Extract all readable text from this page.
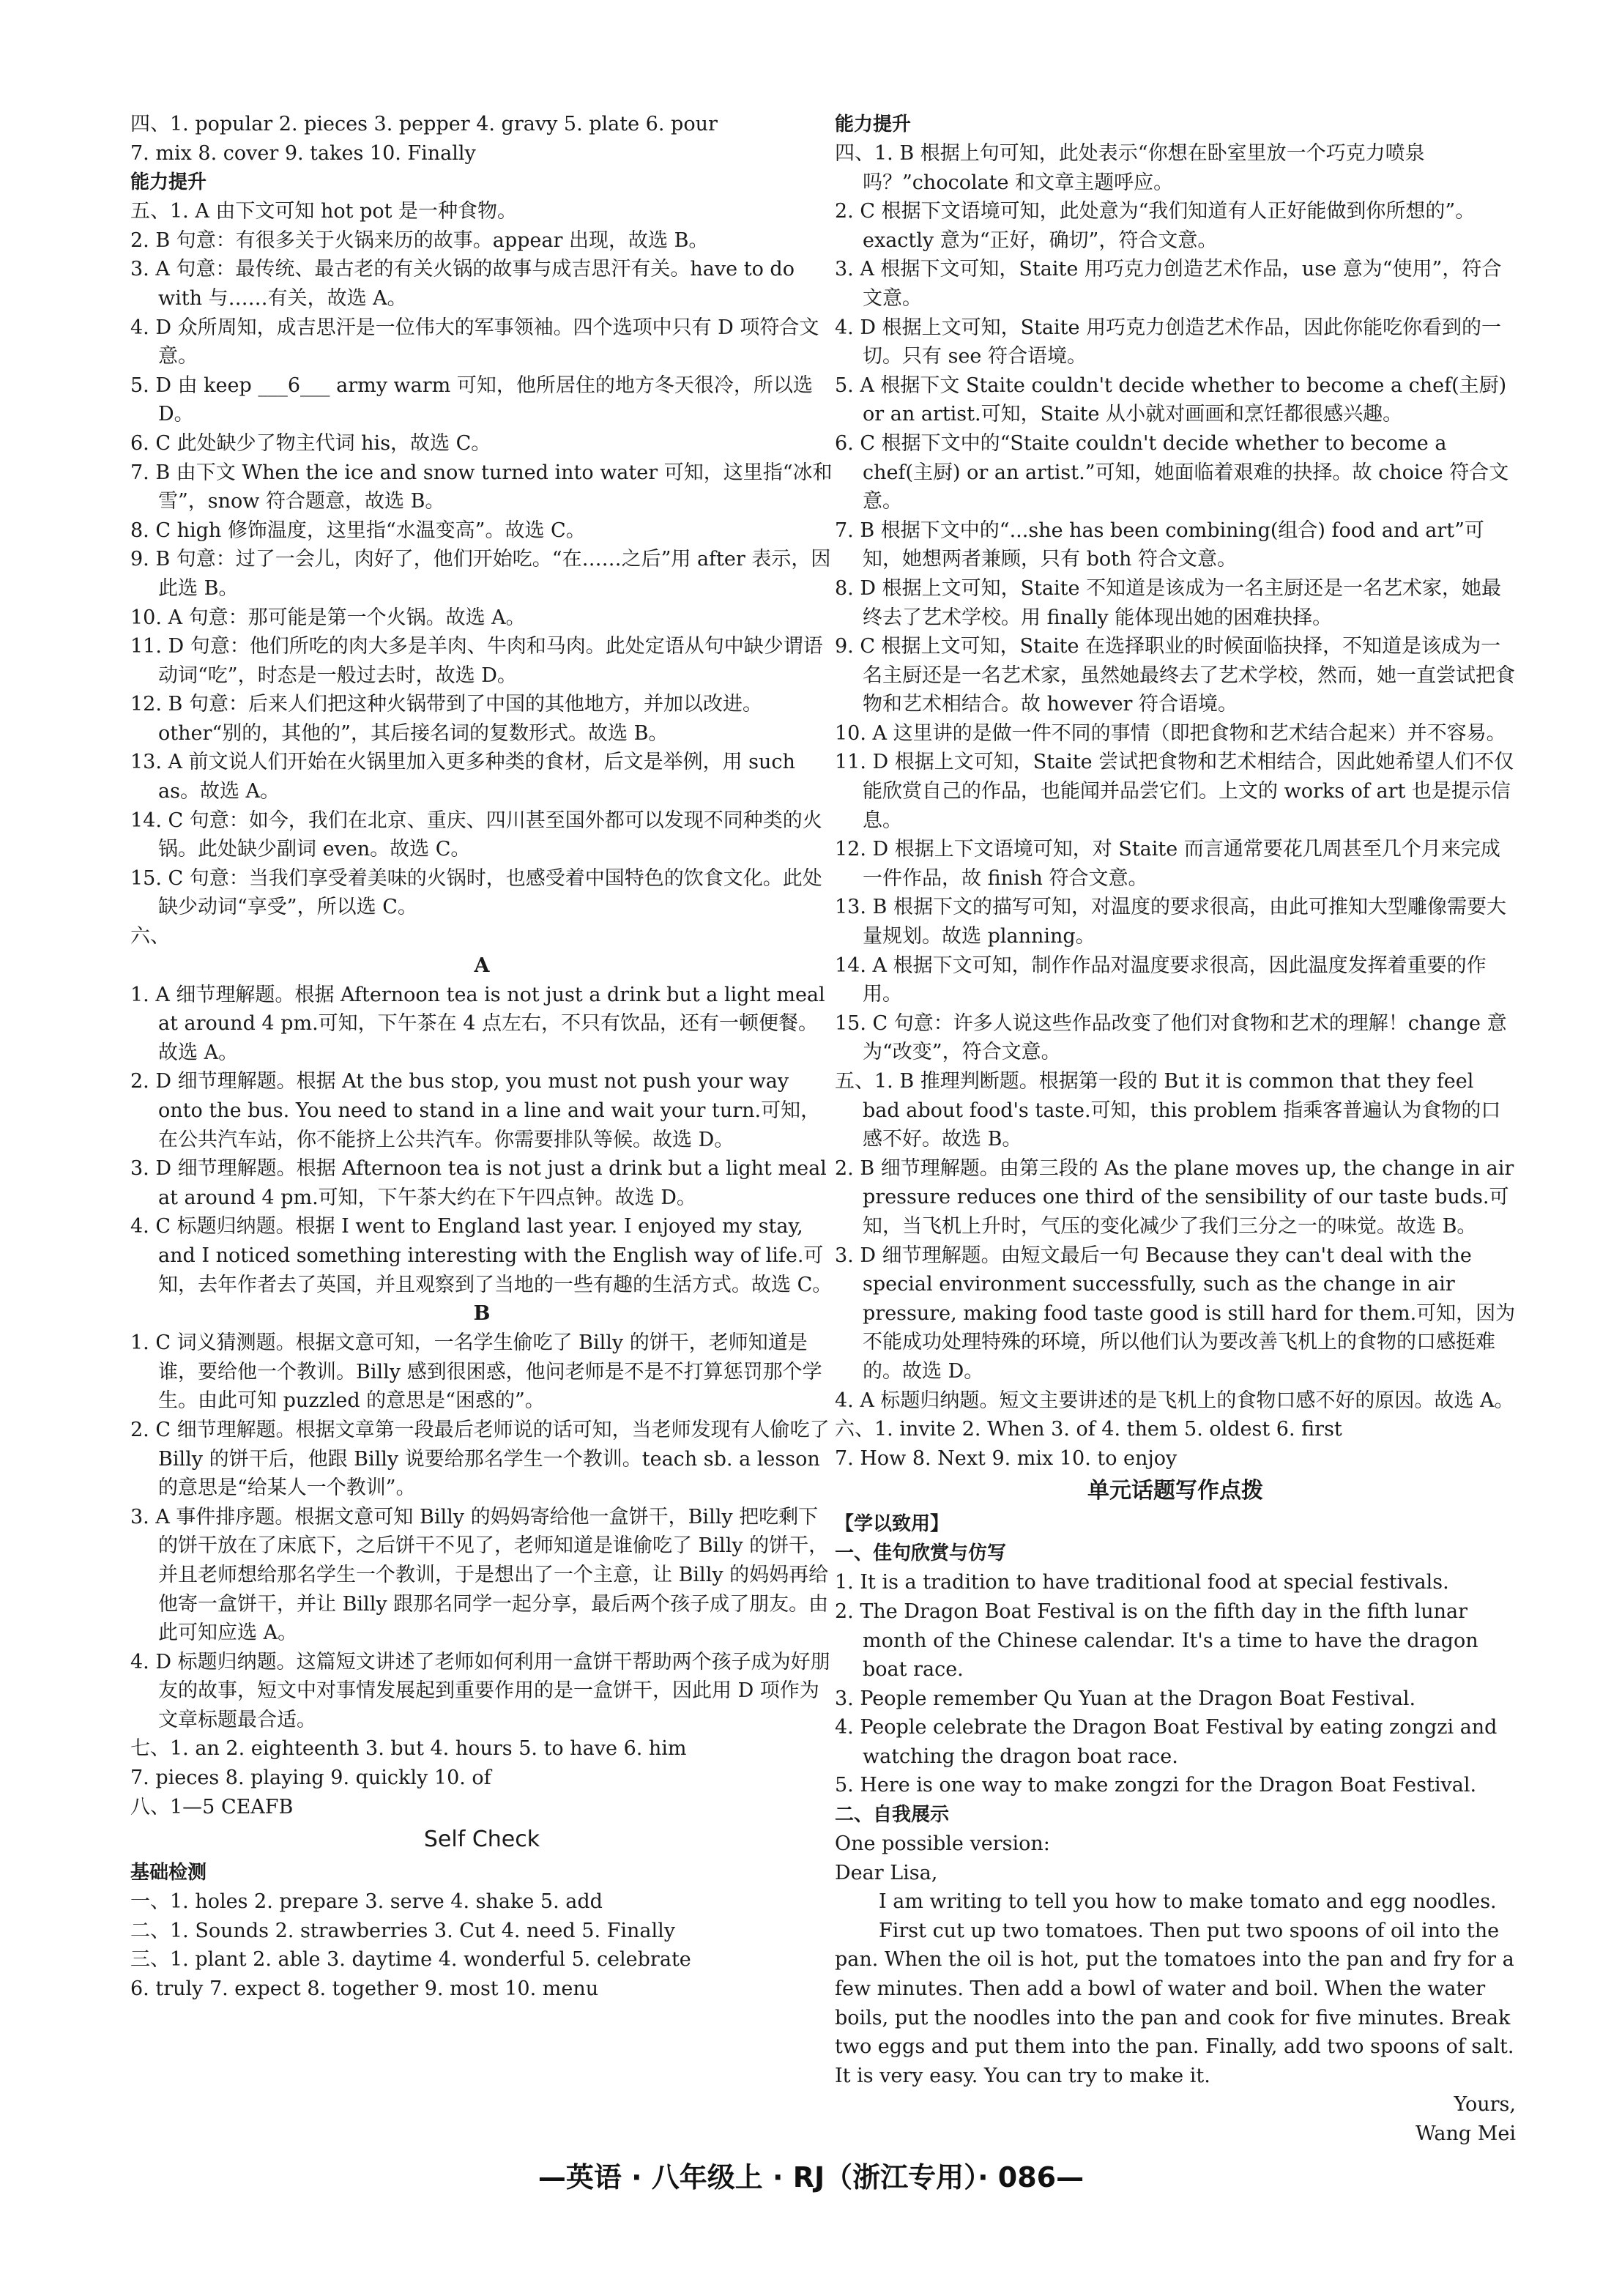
四、1. popular 2. pieces 3. pepper 4. gravy 5. plate 6. pour

7. mix 8. cover 9. takes 10. Finally

能力提升

五、1. A 由下文可知 hot pot 是一种食物。

2. B 句意：有很多关于火锅来历的故事。appear 出现，故选 B。

3. A 句意：最传统、最古老的有关火锅的故事与成吉思汗有关。have to do with 与……有关，故选 A。

4. D 众所周知，成吉思汗是一位伟大的军事领袖。四个选项中只有 D 项符合文意。

5. D 由 keep ___6___ army warm 可知，他所居住的地方冬天很冷，所以选 D。

6. C 此处缺少了物主代词 his，故选 C。

7. B 由下文 When the ice and snow turned into water 可知，这里指“冰和雪”，snow 符合题意，故选 B。

8. C high 修饰温度，这里指“水温变高”。故选 C。

9. B 句意：过了一会儿，肉好了，他们开始吃。“在……之后”用 after 表示，因此选 B。

10. A 句意：那可能是第一个火锅。故选 A。

11. D 句意：他们所吃的肉大多是羊肉、牛肉和马肉。此处定语从句中缺少谓语动词“吃”，时态是一般过去时，故选 D。

12. B 句意：后来人们把这种火锅带到了中国的其他地方，并加以改进。other“别的，其他的”，其后接名词的复数形式。故选 B。

13. A 前文说人们开始在火锅里加入更多种类的食材，后文是举例，用 such as。故选 A。

14. C 句意：如今，我们在北京、重庆、四川甚至国外都可以发现不同种类的火锅。此处缺少副词 even。故选 C。

15. C 句意：当我们享受着美味的火锅时，也感受着中国特色的饮食文化。此处缺少动词“享受”，所以选 C。

六、

A

1. A 细节理解题。根据 Afternoon tea is not just a drink but a light meal at around 4 pm.可知，下午茶在 4 点左右，不只有饮品，还有一顿便餐。故选 A。

2. D 细节理解题。根据 At the bus stop, you must not push your way onto the bus. You need to stand in a line and wait your turn.可知，在公共汽车站，你不能挤上公共汽车。你需要排队等候。故选 D。

3. D 细节理解题。根据 Afternoon tea is not just a drink but a light meal at around 4 pm.可知，下午茶大约在下午四点钟。故选 D。

4. C 标题归纳题。根据 I went to England last year. I enjoyed my stay, and I noticed something interesting with the English way of life.可知，去年作者去了英国，并且观察到了当地的一些有趣的生活方式。故选 C。

B

1. C 词义猜测题。根据文意可知，一名学生偷吃了 Billy 的饼干，老师知道是谁，要给他一个教训。Billy 感到很困惑，他问老师是不是不打算惩罚那个学生。由此可知 puzzled 的意思是“困惑的”。

2. C 细节理解题。根据文章第一段最后老师说的话可知，当老师发现有人偷吃了 Billy 的饼干后，他跟 Billy 说要给那名学生一个教训。teach sb. a lesson 的意思是“给某人一个教训”。

3. A 事件排序题。根据文意可知 Billy 的妈妈寄给他一盒饼干，Billy 把吃剩下的饼干放在了床底下，之后饼干不见了，老师知道是谁偷吃了 Billy 的饼干，并且老师想给那名学生一个教训，于是想出了一个主意，让 Billy 的妈妈再给他寄一盒饼干，并让 Billy 跟那名同学一起分享，最后两个孩子成了朋友。由此可知应选 A。

4. D 标题归纳题。这篇短文讲述了老师如何利用一盒饼干帮助两个孩子成为好朋友的故事，短文中对事情发展起到重要作用的是一盒饼干，因此用 D 项作为文章标题最合适。

七、1. an 2. eighteenth 3. but 4. hours 5. to have 6. him

7. pieces 8. playing 9. quickly 10. of

八、1—5 CEAFB

Self Check

基础检测

一、1. holes 2. prepare 3. serve 4. shake 5. add

二、1. Sounds 2. strawberries 3. Cut 4. need 5. Finally

三、1. plant 2. able 3. daytime 4. wonderful 5. celebrate

6. truly 7. expect 8. together 9. most 10. menu

能力提升

四、1. B 根据上句可知，此处表示“你想在卧室里放一个巧克力喷泉吗？”chocolate 和文章主题呼应。

2. C 根据下文语境可知，此处意为“我们知道有人正好能做到你所想的”。exactly 意为“正好，确切”，符合文意。

3. A 根据下文可知，Staite 用巧克力创造艺术作品，use 意为“使用”，符合文意。

4. D 根据上文可知，Staite 用巧克力创造艺术作品，因此你能吃你看到的一切。只有 see 符合语境。

5. A 根据下文 Staite couldn't decide whether to become a chef(主厨) or an artist.可知，Staite 从小就对画画和烹饪都很感兴趣。

6. C 根据下文中的“Staite couldn't decide whether to become a chef(主厨) or an artist.”可知，她面临着艰难的抉择。故 choice 符合文意。

7. B 根据下文中的“...she has been combining(组合) food and art”可知，她想两者兼顾，只有 both 符合文意。

8. D 根据上文可知，Staite 不知道是该成为一名主厨还是一名艺术家，她最终去了艺术学校。用 finally 能体现出她的困难抉择。

9. C 根据上文可知，Staite 在选择职业的时候面临抉择，不知道是该成为一名主厨还是一名艺术家，虽然她最终去了艺术学校，然而，她一直尝试把食物和艺术相结合。故 however 符合语境。

10. A 这里讲的是做一件不同的事情（即把食物和艺术结合起来）并不容易。

11. D 根据上文可知，Staite 尝试把食物和艺术相结合，因此她希望人们不仅能欣赏自己的作品，也能闻并品尝它们。上文的 works of art 也是提示信息。

12. D 根据上下文语境可知，对 Staite 而言通常要花几周甚至几个月来完成一件作品，故 finish 符合文意。

13. B 根据下文的描写可知，对温度的要求很高，由此可推知大型雕像需要大量规划。故选 planning。

14. A 根据下文可知，制作作品对温度要求很高，因此温度发挥着重要的作用。

15. C 句意：许多人说这些作品改变了他们对食物和艺术的理解！change 意为“改变”，符合文意。

五、1. B 推理判断题。根据第一段的 But it is common that they feel bad about food's taste.可知，this problem 指乘客普遍认为食物的口感不好。故选 B。

2. B 细节理解题。由第三段的 As the plane moves up, the change in air pressure reduces one third of the sensibility of our taste buds.可知，当飞机上升时，气压的变化减少了我们三分之一的味觉。故选 B。

3. D 细节理解题。由短文最后一句 Because they can't deal with the special environment successfully, such as the change in air pressure, making food taste good is still hard for them.可知，因为不能成功处理特殊的环境，所以他们认为要改善飞机上的食物的口感挺难的。故选 D。

4. A 标题归纳题。短文主要讲述的是飞机上的食物口感不好的原因。故选 A。

六、1. invite 2. When 3. of 4. them 5. oldest 6. first

7. How 8. Next 9. mix 10. to enjoy

单元话题写作点拨

【学以致用】

一、佳句欣赏与仿写

1. It is a tradition to have traditional food at special festivals.

2. The Dragon Boat Festival is on the fifth day in the fifth lunar month of the Chinese calendar. It's a time to have the dragon boat race.

3. People remember Qu Yuan at the Dragon Boat Festival.

4. People celebrate the Dragon Boat Festival by eating zongzi and watching the dragon boat race.

5. Here is one way to make zongzi for the Dragon Boat Festival.

二、自我展示

One possible version:

Dear Lisa,

I am writing to tell you how to make tomato and egg noodles.

First cut up two tomatoes. Then put two spoons of oil into the pan. When the oil is hot, put the tomatoes into the pan and fry for a few minutes. Then add a bowl of water and boil. When the water boils, put the noodles into the pan and cook for five minutes. Break two eggs and put them into the pan. Finally, add two spoons of salt. It is very easy. You can try to make it.

Yours,

Wang Mei

—英语 · 八年级上 · RJ（浙江专用）· 086—
